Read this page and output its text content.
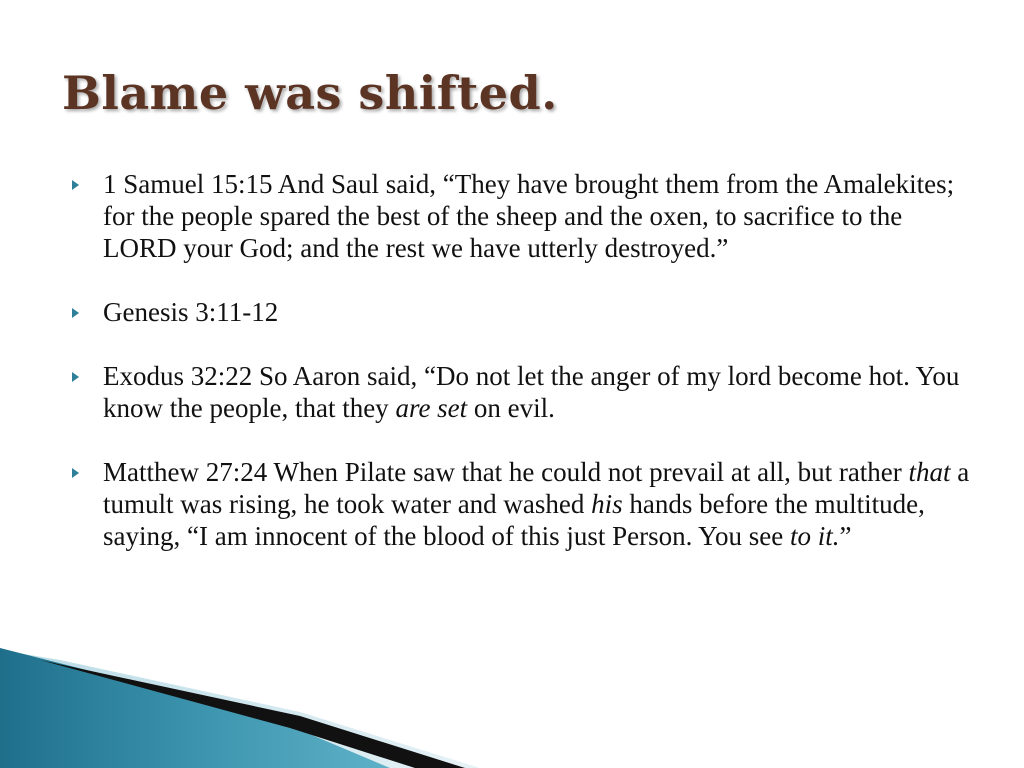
Blame was shifted.
1 Samuel 15:15 And Saul said, “They have brought them from the Amalekites; for the people spared the best of the sheep and the oxen, to sacrifice to the LORD your God; and the rest we have utterly destroyed.”
Genesis 3:11-12
Exodus 32:22 So Aaron said, “Do not let the anger of my lord become hot. You know the people, that they are set on evil.
Matthew 27:24 When Pilate saw that he could not prevail at all, but rather that a tumult was rising, he took water and washed his hands before the multitude, saying, “I am innocent of the blood of this just Person. You see to it.”
